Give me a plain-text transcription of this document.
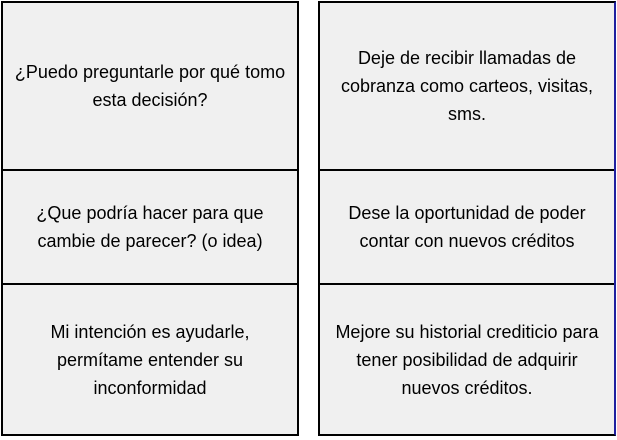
¿Puedo preguntarle por qué tomo esta decisión?
¿Que podría hacer para que cambie de parecer? (o idea)
Mi intención es ayudarle, permítame entender su inconformidad
Deje de recibir llamadas de cobranza como carteos, visitas, sms.
Dese la oportunidad de poder contar con nuevos créditos
Mejore su historial crediticio para tener posibilidad de adquirir nuevos créditos.
